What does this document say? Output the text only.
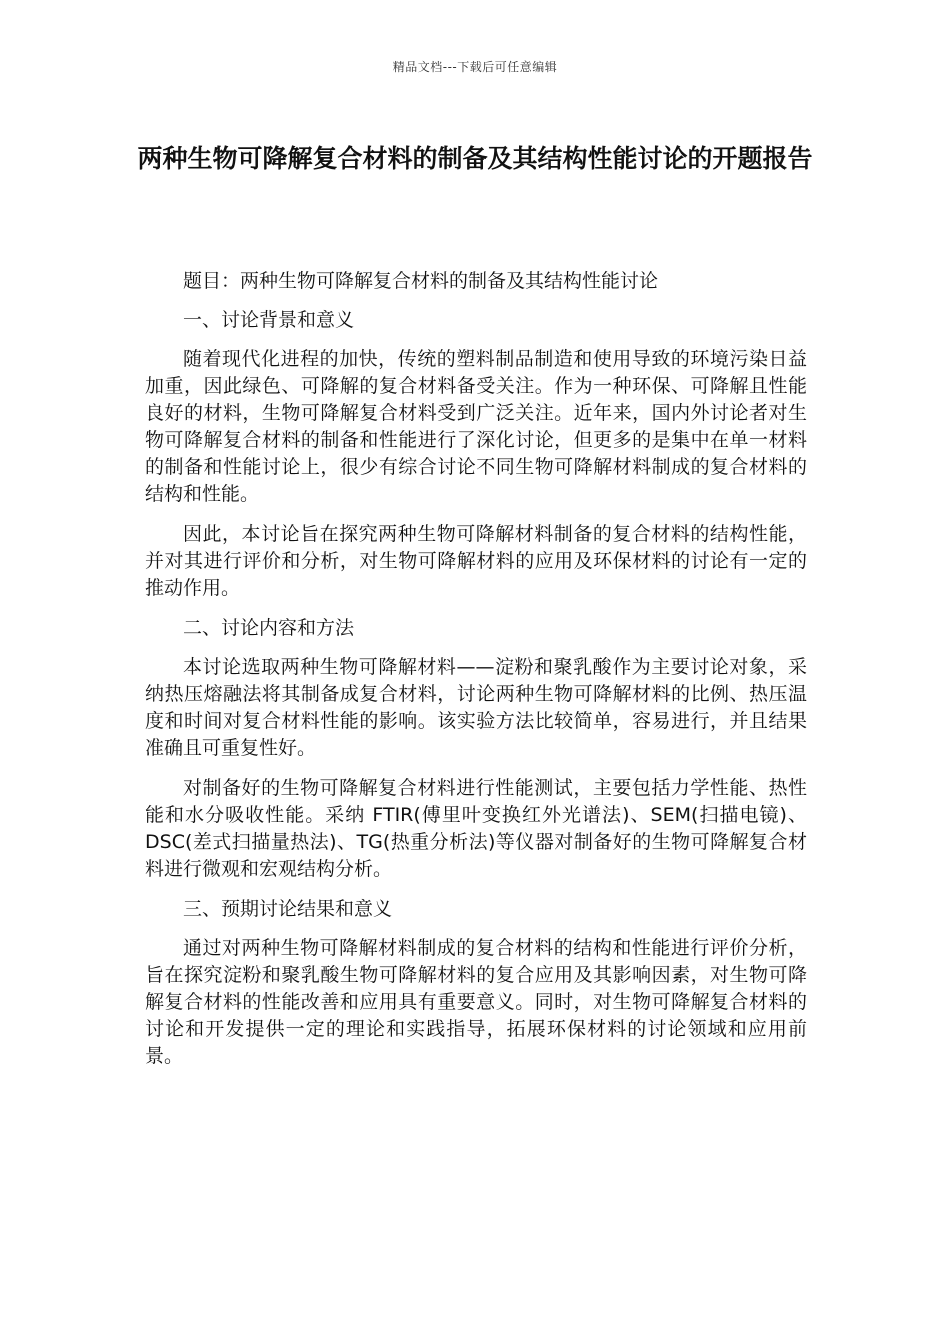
精品文档---下载后可任意编辑
两种生物可降解复合材料的制备及其结构性能讨论的开题报告

题目：两种生物可降解复合材料的制备及其结构性能讨论

一、讨论背景和意义

随着现代化进程的加快，传统的塑料制品制造和使用导致的环境污染日益加重，因此绿色、可降解的复合材料备受关注。作为一种环保、可降解且性能良好的材料，生物可降解复合材料受到广泛关注。近年来，国内外讨论者对生物可降解复合材料的制备和性能进行了深化讨论，但更多的是集中在单一材料的制备和性能讨论上，很少有综合讨论不同生物可降解材料制成的复合材料的结构和性能。

因此，本讨论旨在探究两种生物可降解材料制备的复合材料的结构性能，并对其进行评价和分析，对生物可降解材料的应用及环保材料的讨论有一定的推动作用。

二、讨论内容和方法

本讨论选取两种生物可降解材料——淀粉和聚乳酸作为主要讨论对象，采纳热压熔融法将其制备成复合材料，讨论两种生物可降解材料的比例、热压温度和时间对复合材料性能的影响。该实验方法比较简单，容易进行，并且结果准确且可重复性好。

对制备好的生物可降解复合材料进行性能测试，主要包括力学性能、热性能和水分吸收性能。采纳 FTIR(傅里叶变换红外光谱法)、SEM(扫描电镜)、DSC(差式扫描量热法)、TG(热重分析法)等仪器对制备好的生物可降解复合材料进行微观和宏观结构分析。

三、预期讨论结果和意义

通过对两种生物可降解材料制成的复合材料的结构和性能进行评价分析，旨在探究淀粉和聚乳酸生物可降解材料的复合应用及其影响因素，对生物可降解复合材料的性能改善和应用具有重要意义。同时，对生物可降解复合材料的讨论和开发提供一定的理论和实践指导，拓展环保材料的讨论领域和应用前景。
